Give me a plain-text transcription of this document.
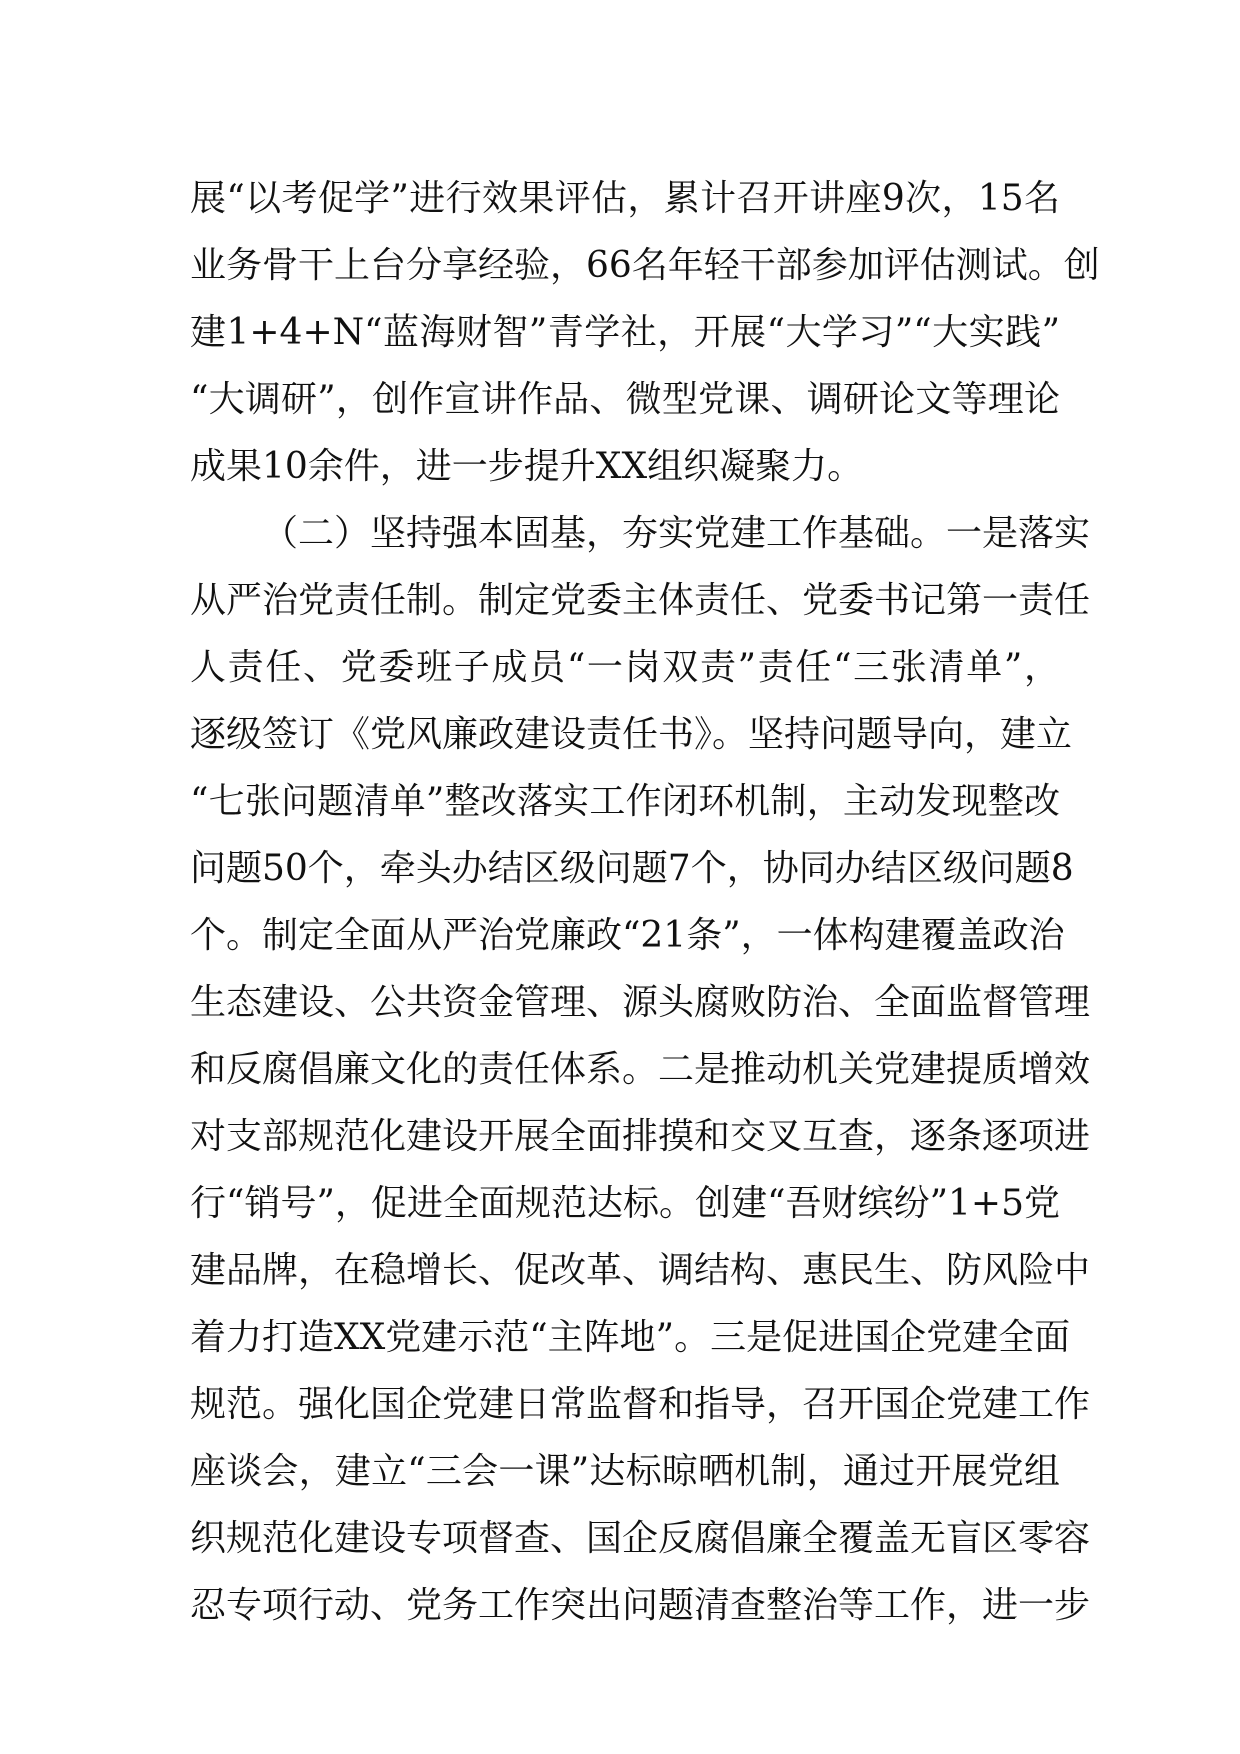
展“以考促学”进行效果评估，累计召开讲座9次，15名
业务骨干上台分享经验，66名年轻干部参加评估测试。创
建1+4+N“蓝海财智”青学社，开展“大学习”“大实践”
“大调研”，创作宣讲作品、微型党课、调研论文等理论
成果10余件，进一步提升XX组织凝聚力。
（二）坚持强本固基，夯实党建工作基础。一是落实
从严治党责任制。制定党委主体责任、党委书记第一责任
人责任、党委班子成员“一岗双责”责任“三张清单”，
逐级签订《党风廉政建设责任书》。坚持问题导向，建立
“七张问题清单”整改落实工作闭环机制，主动发现整改
问题50个，牵头办结区级问题7个，协同办结区级问题8
个。制定全面从严治党廉政“21条”，一体构建覆盖政治
生态建设、公共资金管理、源头腐败防治、全面监督管理
和反腐倡廉文化的责任体系。二是推动机关党建提质增效
对支部规范化建设开展全面排摸和交叉互查，逐条逐项进
行“销号”，促进全面规范达标。创建“吾财缤纷”1+5党
建品牌，在稳增长、促改革、调结构、惠民生、防风险中
着力打造XX党建示范“主阵地”。三是促进国企党建全面
规范。强化国企党建日常监督和指导，召开国企党建工作
座谈会，建立“三会一课”达标晾晒机制，通过开展党组
织规范化建设专项督查、国企反腐倡廉全覆盖无盲区零容
忍专项行动、党务工作突出问题清查整治等工作，进一步
